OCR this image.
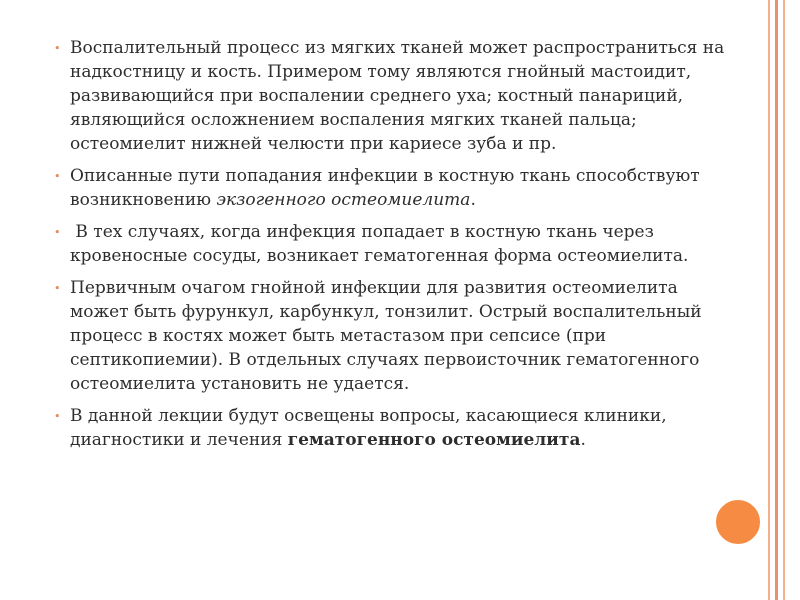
• Воспалительный процесс из мягких тканей может распространиться на надкостницу и кость. Примером тому являются гнойный мастоидит, развивающийся при воспалении среднего уха; костный панариций, являющийся осложнением воспаления мягких тканей пальца; остеомиелит нижней челюсти при кариесе зуба и пр.
• Описанные пути попадания инфекции в костную ткань способствуют возникновению экзогенного остеомиелита.
• В тех случаях, когда инфекция попадает в костную ткань через кровеносные сосуды, возникает гематогенная форма остеомиелита.
• Первичным очагом гнойной инфекции для развития остеомиелита может быть фурункул, карбункул, тонзилит. Острый воспалительный процесс в костях может быть метастазом при сепсисе (при септикопиемии). В отдельных случаях первоисточник гематогенного остеомиелита установить не удается.
• В данной лекции будут освещены вопросы, касающиеся клиники, диагностики и лечения гематогенного остеомиелита.
